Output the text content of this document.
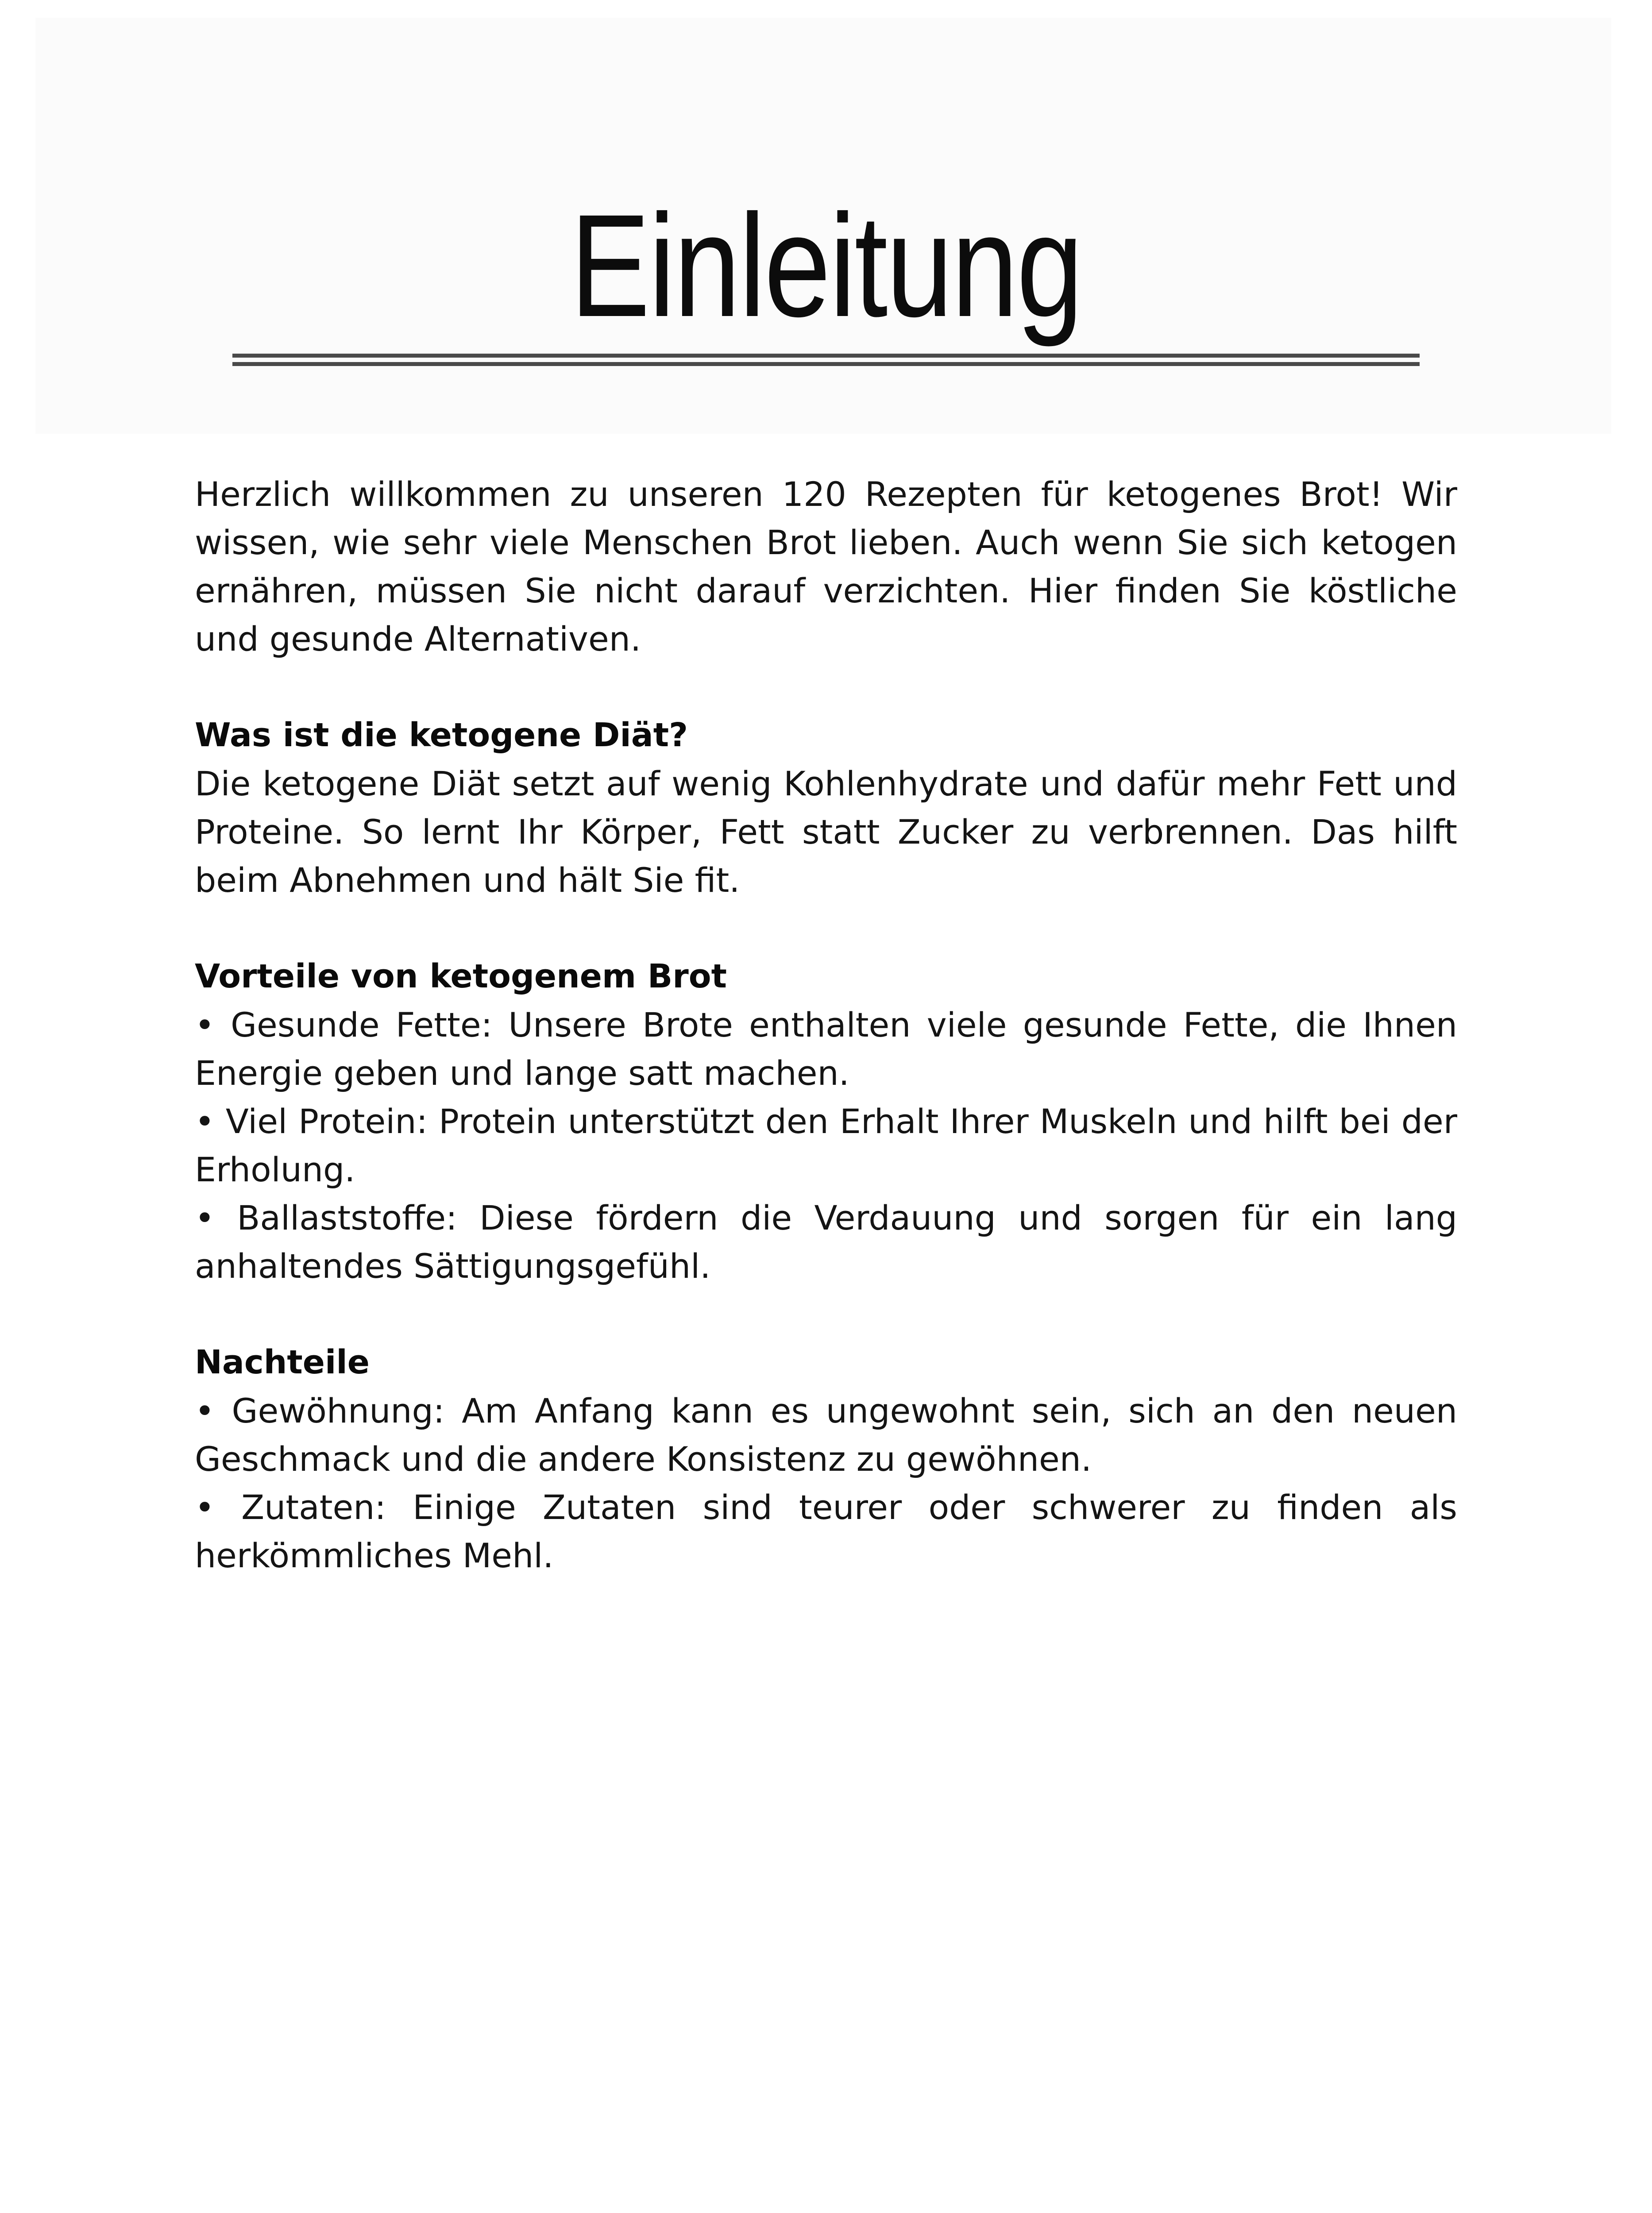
Einleitung

Herzlich willkommen zu unseren 120 Rezepten für ketogenes Brot! Wir wissen, wie sehr viele Menschen Brot lieben. Auch wenn Sie sich ketogen ernähren, müssen Sie nicht darauf verzichten. Hier finden Sie köstliche und gesunde Alternativen.

Was ist die ketogene Diät?

Die ketogene Diät setzt auf wenig Kohlenhydrate und dafür mehr Fett und Proteine. So lernt Ihr Körper, Fett statt Zucker zu verbrennen. Das hilft beim Abnehmen und hält Sie fit.

Vorteile von ketogenem Brot

• Gesunde Fette: Unsere Brote enthalten viele gesunde Fette, die Ihnen Energie geben und lange satt machen.

• Viel Protein: Protein unterstützt den Erhalt Ihrer Muskeln und hilft bei der Erholung.

• Ballaststoffe: Diese fördern die Verdauung und sorgen für ein lang anhaltendes Sättigungsgefühl.

Nachteile

• Gewöhnung: Am Anfang kann es ungewohnt sein, sich an den neuen Geschmack und die andere Konsistenz zu gewöhnen.

• Zutaten: Einige Zutaten sind teurer oder schwerer zu finden als herkömmliches Mehl.
